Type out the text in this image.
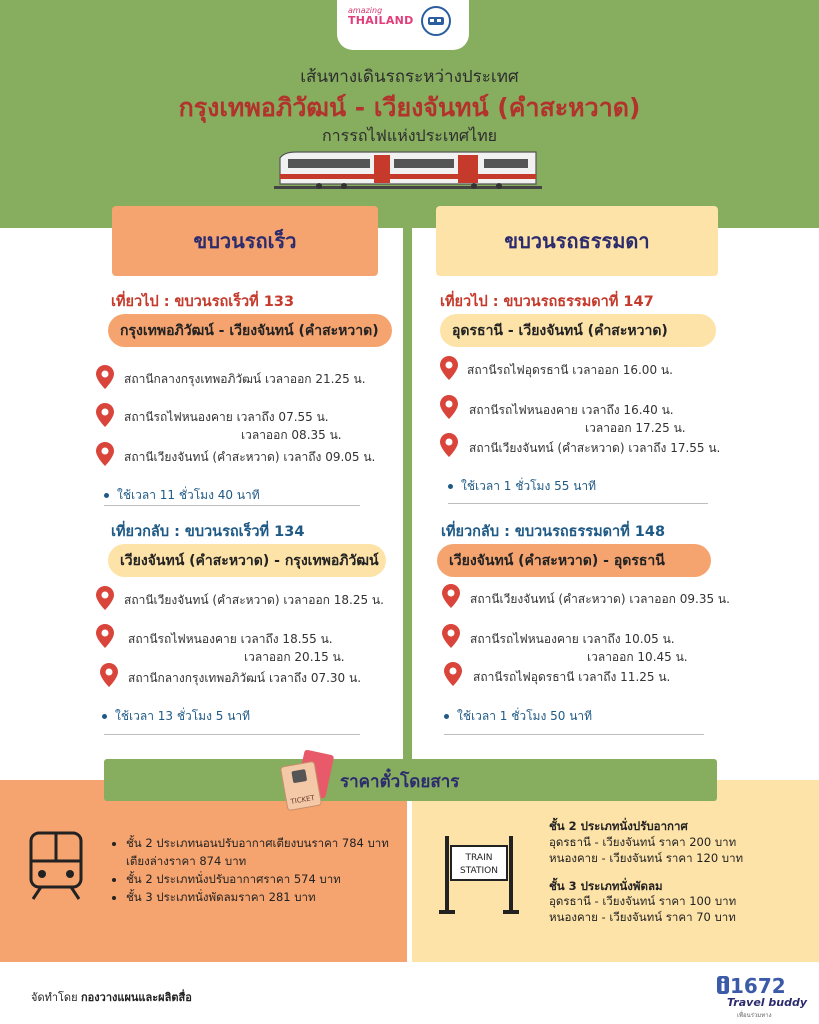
amazing
THAILAND
เส้นทางเดินรถระหว่างประเทศ
กรุงเทพอภิวัฒน์ - เวียงจันทน์ (คำสะหวาด)
การรถไฟแห่งประเทศไทย
ขบวนรถเร็ว	ขบวนรถธรรมดา
เที่ยวไป : ขบวนรถเร็วที่ 133
กรุงเทพอภิวัฒน์ - เวียงจันทน์ (คำสะหวาด)
สถานีกลางกรุงเทพอภิวัฒน์ เวลาออก 21.25 น.
สถานีรถไฟหนองคาย เวลาถึง 07.55 น.
เวลาออก 08.35 น.
สถานีเวียงจันทน์ (คำสะหวาด) เวลาถึง 09.05 น.
ใช้เวลา 11 ชั่วโมง 40 นาที
เที่ยวกลับ : ขบวนรถเร็วที่ 134
เวียงจันทน์ (คำสะหวาด) - กรุงเทพอภิวัฒน์
สถานีเวียงจันทน์ (คำสะหวาด) เวลาออก 18.25 น.
สถานีรถไฟหนองคาย เวลาถึง 18.55 น.
เวลาออก 20.15 น.
สถานีกลางกรุงเทพอภิวัฒน์ เวลาถึง 07.30 น.
ใช้เวลา 13 ชั่วโมง 5 นาที
เที่ยวไป : ขบวนรถธรรมดาที่ 147
อุดรธานี - เวียงจันทน์ (คำสะหวาด)
สถานีรถไฟอุดรธานี เวลาออก 16.00 น.
สถานีรถไฟหนองคาย เวลาถึง 16.40 น.
เวลาออก 17.25 น.
สถานีเวียงจันทน์ (คำสะหวาด) เวลาถึง 17.55 น.
ใช้เวลา 1 ชั่วโมง 55 นาที
เที่ยวกลับ : ขบวนรถธรรมดาที่ 148
เวียงจันทน์ (คำสะหวาด) - อุดรธานี
สถานีเวียงจันทน์ (คำสะหวาด) เวลาออก 09.35 น.
สถานีรถไฟหนองคาย เวลาถึง 10.05 น.
เวลาออก 10.45 น.
สถานีรถไฟอุดรธานี เวลาถึง 11.25 น.
ใช้เวลา 1 ชั่วโมง 50 นาที
TICKET
ราคาตั๋วโดยสาร
ชั้น 2 ประเภทนอนปรับอากาศเตียงบนราคา 784 บาท
เตียงล่างราคา 874 บาท
ชั้น 2 ประเภทนั่งปรับอากาศราคา 574 บาท
ชั้น 3 ประเภทนั่งพัดลมราคา 281 บาท
TRAIN
STATION
ชั้น 2 ประเภทนั่งปรับอากาศ
อุดรธานี - เวียงจันทน์ ราคา 200 บาท
หนองคาย - เวียงจันทน์ ราคา 120 บาท
ชั้น 3 ประเภทนั่งพัดลม
อุดรธานี - เวียงจันทน์ ราคา 100 บาท
หนองคาย - เวียงจันทน์ ราคา 70 บาท
จัดทำโดย กองวางแผนและผลิตสื่อ	1672
Travel buddy
เพื่อนร่วมทาง
